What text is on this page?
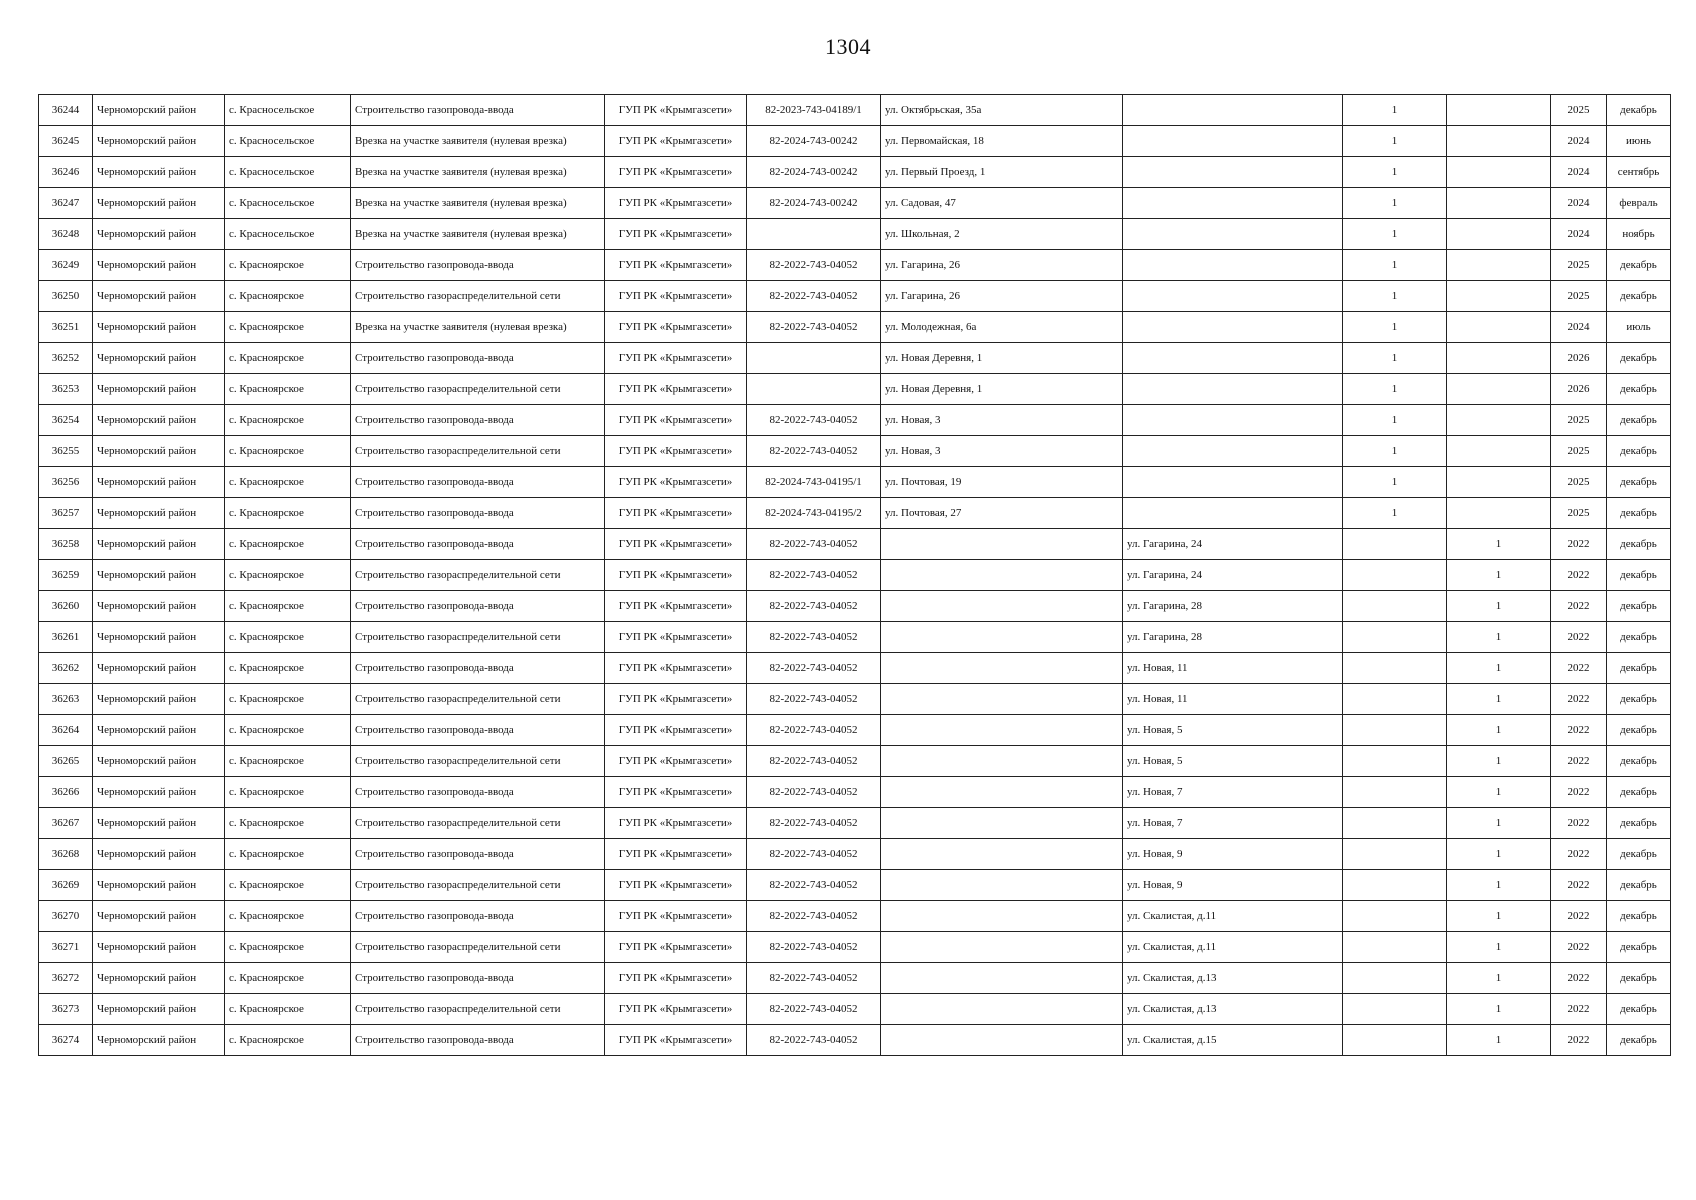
1304
36244	Черноморский район	с. Красносельское	Строительство газопровода-ввода	ГУП РК «Крымгазсети»	82-2023-743-04189/1	ул. Октябрьская, 35а		1		2025	декабрь
36245	Черноморский район	с. Красносельское	Врезка на участке заявителя (нулевая врезка)	ГУП РК «Крымгазсети»	82-2024-743-00242	ул. Первомайская, 18		1		2024	июнь
36246	Черноморский район	с. Красносельское	Врезка на участке заявителя (нулевая врезка)	ГУП РК «Крымгазсети»	82-2024-743-00242	ул. Первый Проезд, 1		1		2024	сентябрь
36247	Черноморский район	с. Красносельское	Врезка на участке заявителя (нулевая врезка)	ГУП РК «Крымгазсети»	82-2024-743-00242	ул. Садовая, 47		1		2024	февраль
36248	Черноморский район	с. Красносельское	Врезка на участке заявителя (нулевая врезка)	ГУП РК «Крымгазсети»		ул. Школьная, 2		1		2024	ноябрь
36249	Черноморский район	с. Красноярское	Строительство газопровода-ввода	ГУП РК «Крымгазсети»	82-2022-743-04052	ул. Гагарина, 26		1		2025	декабрь
36250	Черноморский район	с. Красноярское	Строительство газораспределительной сети	ГУП РК «Крымгазсети»	82-2022-743-04052	ул. Гагарина, 26		1		2025	декабрь
36251	Черноморский район	с. Красноярское	Врезка на участке заявителя (нулевая врезка)	ГУП РК «Крымгазсети»	82-2022-743-04052	ул. Молодежная, 6а		1		2024	июль
36252	Черноморский район	с. Красноярское	Строительство газопровода-ввода	ГУП РК «Крымгазсети»		ул. Новая Деревня, 1		1		2026	декабрь
36253	Черноморский район	с. Красноярское	Строительство газораспределительной сети	ГУП РК «Крымгазсети»		ул. Новая Деревня, 1		1		2026	декабрь
36254	Черноморский район	с. Красноярское	Строительство газопровода-ввода	ГУП РК «Крымгазсети»	82-2022-743-04052	ул. Новая, 3		1		2025	декабрь
36255	Черноморский район	с. Красноярское	Строительство газораспределительной сети	ГУП РК «Крымгазсети»	82-2022-743-04052	ул. Новая, 3		1		2025	декабрь
36256	Черноморский район	с. Красноярское	Строительство газопровода-ввода	ГУП РК «Крымгазсети»	82-2024-743-04195/1	ул. Почтовая, 19		1		2025	декабрь
36257	Черноморский район	с. Красноярское	Строительство газопровода-ввода	ГУП РК «Крымгазсети»	82-2024-743-04195/2	ул. Почтовая, 27		1		2025	декабрь
36258	Черноморский район	с. Красноярское	Строительство газопровода-ввода	ГУП РК «Крымгазсети»	82-2022-743-04052		ул. Гагарина, 24		1	2022	декабрь
36259	Черноморский район	с. Красноярское	Строительство газораспределительной сети	ГУП РК «Крымгазсети»	82-2022-743-04052		ул. Гагарина, 24		1	2022	декабрь
36260	Черноморский район	с. Красноярское	Строительство газопровода-ввода	ГУП РК «Крымгазсети»	82-2022-743-04052		ул. Гагарина, 28		1	2022	декабрь
36261	Черноморский район	с. Красноярское	Строительство газораспределительной сети	ГУП РК «Крымгазсети»	82-2022-743-04052		ул. Гагарина, 28		1	2022	декабрь
36262	Черноморский район	с. Красноярское	Строительство газопровода-ввода	ГУП РК «Крымгазсети»	82-2022-743-04052		ул. Новая, 11		1	2022	декабрь
36263	Черноморский район	с. Красноярское	Строительство газораспределительной сети	ГУП РК «Крымгазсети»	82-2022-743-04052		ул. Новая, 11		1	2022	декабрь
36264	Черноморский район	с. Красноярское	Строительство газопровода-ввода	ГУП РК «Крымгазсети»	82-2022-743-04052		ул. Новая, 5		1	2022	декабрь
36265	Черноморский район	с. Красноярское	Строительство газораспределительной сети	ГУП РК «Крымгазсети»	82-2022-743-04052		ул. Новая, 5		1	2022	декабрь
36266	Черноморский район	с. Красноярское	Строительство газопровода-ввода	ГУП РК «Крымгазсети»	82-2022-743-04052		ул. Новая, 7		1	2022	декабрь
36267	Черноморский район	с. Красноярское	Строительство газораспределительной сети	ГУП РК «Крымгазсети»	82-2022-743-04052		ул. Новая, 7		1	2022	декабрь
36268	Черноморский район	с. Красноярское	Строительство газопровода-ввода	ГУП РК «Крымгазсети»	82-2022-743-04052		ул. Новая, 9		1	2022	декабрь
36269	Черноморский район	с. Красноярское	Строительство газораспределительной сети	ГУП РК «Крымгазсети»	82-2022-743-04052		ул. Новая, 9		1	2022	декабрь
36270	Черноморский район	с. Красноярское	Строительство газопровода-ввода	ГУП РК «Крымгазсети»	82-2022-743-04052		ул. Скалистая, д.11		1	2022	декабрь
36271	Черноморский район	с. Красноярское	Строительство газораспределительной сети	ГУП РК «Крымгазсети»	82-2022-743-04052		ул. Скалистая, д.11		1	2022	декабрь
36272	Черноморский район	с. Красноярское	Строительство газопровода-ввода	ГУП РК «Крымгазсети»	82-2022-743-04052		ул. Скалистая, д.13		1	2022	декабрь
36273	Черноморский район	с. Красноярское	Строительство газораспределительной сети	ГУП РК «Крымгазсети»	82-2022-743-04052		ул. Скалистая, д.13		1	2022	декабрь
36274	Черноморский район	с. Красноярское	Строительство газопровода-ввода	ГУП РК «Крымгазсети»	82-2022-743-04052		ул. Скалистая, д.15		1	2022	декабрь
